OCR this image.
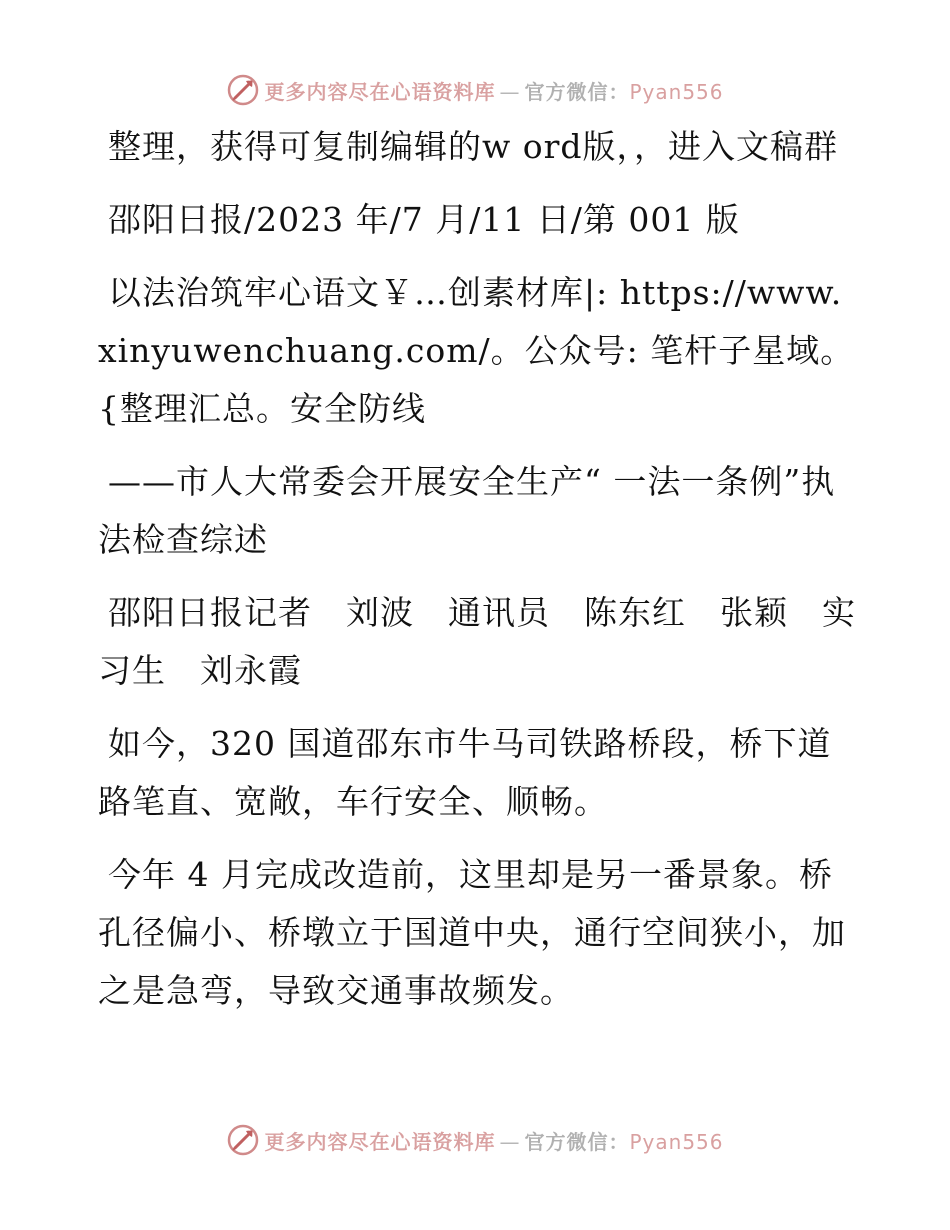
更多内容尽在心语资料库 — 官方微信：Pyan556

整理，获得可复制编辑的w ord版，，进入文稿群

邵阳日报/2023 年/7 月/11 日/第 001 版

以法治筑牢心语文￥…创素材库|: https://www.xinyuwenchuang.com/。公众号: 笔杆子星域。{整理汇总。安全防线

——市人大常委会开展安全生产“ 一法一条例”执法检查综述

邵阳日报记者　刘波　通讯员　陈东红　张颖　实习生　刘永霞

如今，320 国道邵东市牛马司铁路桥段，桥下道路笔直、宽敞，车行安全、顺畅。

今年 4 月完成改造前，这里却是另一番景象。桥孔径偏小、桥墩立于国道中央，通行空间狭小，加之是急弯，导致交通事故频发。

更多内容尽在心语资料库 — 官方微信：Pyan556
